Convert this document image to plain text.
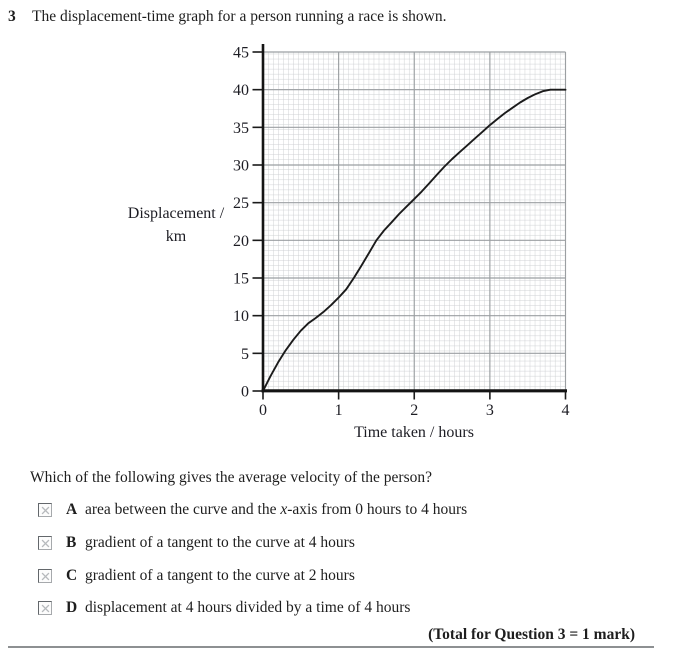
3 The displacement-time graph for a person running a race is shown.
0
5
10
15
20
25
30
35
40
45
0	1	2	3	4
Displacement /
km
Time taken / hours
Which of the following gives the average velocity of the person?
A area between the curve and the x-axis from 0 hours to 4 hours
B gradient of a tangent to the curve at 4 hours
C gradient of a tangent to the curve at 2 hours
D displacement at 4 hours divided by a time of 4 hours
(Total for Question 3 = 1 mark)
